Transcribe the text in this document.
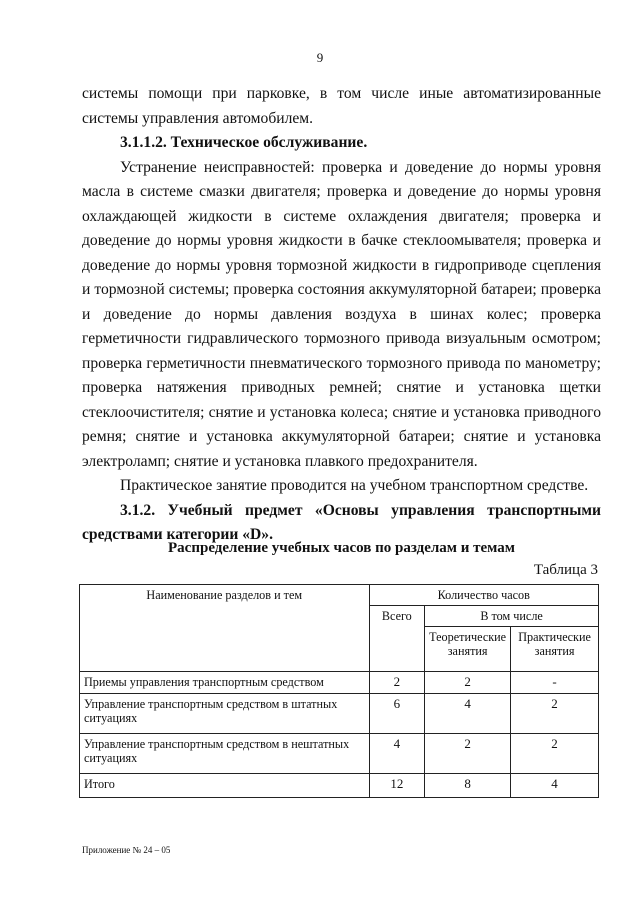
9

системы помощи при парковке, в том числе иные автоматизированные системы управления автомобилем.

3.1.1.2. Техническое обслуживание.

Устранение неисправностей: проверка и доведение до нормы уровня масла в системе смазки двигателя; проверка и доведение до нормы уровня охлаждающей жидкости в системе охлаждения двигателя; проверка и доведение до нормы уровня жидкости в бачке стеклоомывателя; проверка и доведение до нормы уровня тормозной жидкости в гидроприводе сцепления и тормозной системы; проверка состояния аккумуляторной батареи; проверка и доведение до нормы давления воздуха в шинах колес; проверка герметичности гидравлического тормозного привода визуальным осмотром; проверка герметичности пневматического тормозного привода по манометру; проверка натяжения приводных ремней; снятие и установка щетки стеклоочистителя; снятие и установка колеса; снятие и установка приводного ремня; снятие и установка аккумуляторной батареи; снятие и установка электроламп; снятие и установка плавкого предохранителя.

Практическое занятие проводится на учебном транспортном средстве.

3.1.2. Учебный предмет «Основы управления транспортными средствами категории «D».

Распределение учебных часов по разделам и темам
Таблица 3
Наименование разделов и тем	Количество часов		
	Всего	В том числе	
		Теоретические занятия	Практичеcкие занятия
Приемы управления транспортным средством	2	2	-
Управление транспортным средством в штатных ситуациях	6	4	2
Управление транспортным средством в нештатных ситуациях	4	2	2
Итого	12	8	4
Приложение № 24 – 05
